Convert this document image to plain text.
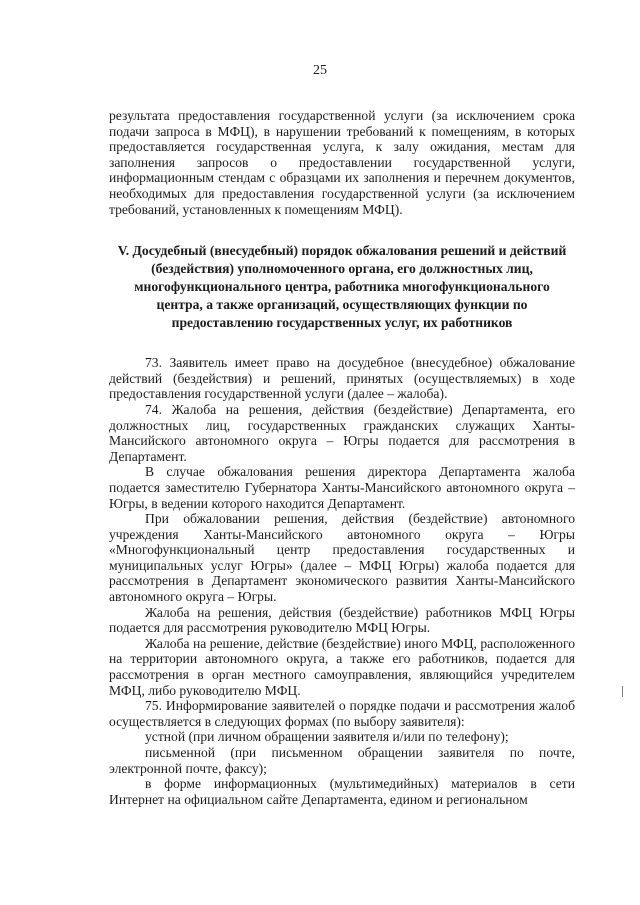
25

результата предоставления государственной услуги (за исключением срока подачи запроса в МФЦ), в нарушении требований к помещениям, в которых предоставляется государственная услуга, к залу ожидания, местам для заполнения запросов о предоставлении государственной услуги, информационным стендам с образцами их заполнения и перечнем документов, необходимых для предоставления государственной услуги (за исключением требований, установленных к помещениям МФЦ).

V. Досудебный (внесудебный) порядок обжалования решений и действий (бездействия) уполномоченного органа, его должностных лиц, многофункционального центра, работника многофункционального центра, а также организаций, осуществляющих функции по предоставлению государственных услуг, их работников

73. Заявитель имеет право на досудебное (внесудебное) обжалование действий (бездействия) и решений, принятых (осуществляемых) в ходе предоставления государственной услуги (далее – жалоба).

74. Жалоба на решения, действия (бездействие) Департамента, его должностных лиц, государственных гражданских служащих Ханты-Мансийского автономного округа – Югры подается для рассмотрения в Департамент.

В случае обжалования решения директора Департамента жалоба подается заместителю Губернатора Ханты-Мансийского автономного округа – Югры, в ведении которого находится Департамент.

При обжаловании решения, действия (бездействие) автономного учреждения Ханты-Мансийского автономного округа – Югры «Многофункциональный центр предоставления государственных и муниципальных услуг Югры» (далее – МФЦ Югры) жалоба подается для рассмотрения в Департамент экономического развития Ханты-Мансийского автономного округа – Югры.

Жалоба на решения, действия (бездействие) работников МФЦ Югры подается для рассмотрения руководителю МФЦ Югры.

Жалоба на решение, действие (бездействие) иного МФЦ, расположенного на территории автономного округа, а также его работников, подается для рассмотрения в орган местного самоуправления, являющийся учредителем МФЦ, либо руководителю МФЦ.

75. Информирование заявителей о порядке подачи и рассмотрения жалоб осуществляется в следующих формах (по выбору заявителя):

устной (при личном обращении заявителя и/или по телефону);

письменной (при письменном обращении заявителя по почте, электронной почте, факсу);

в форме информационных (мультимедийных) материалов в сети Интернет на официальном сайте Департамента, едином и региональном
